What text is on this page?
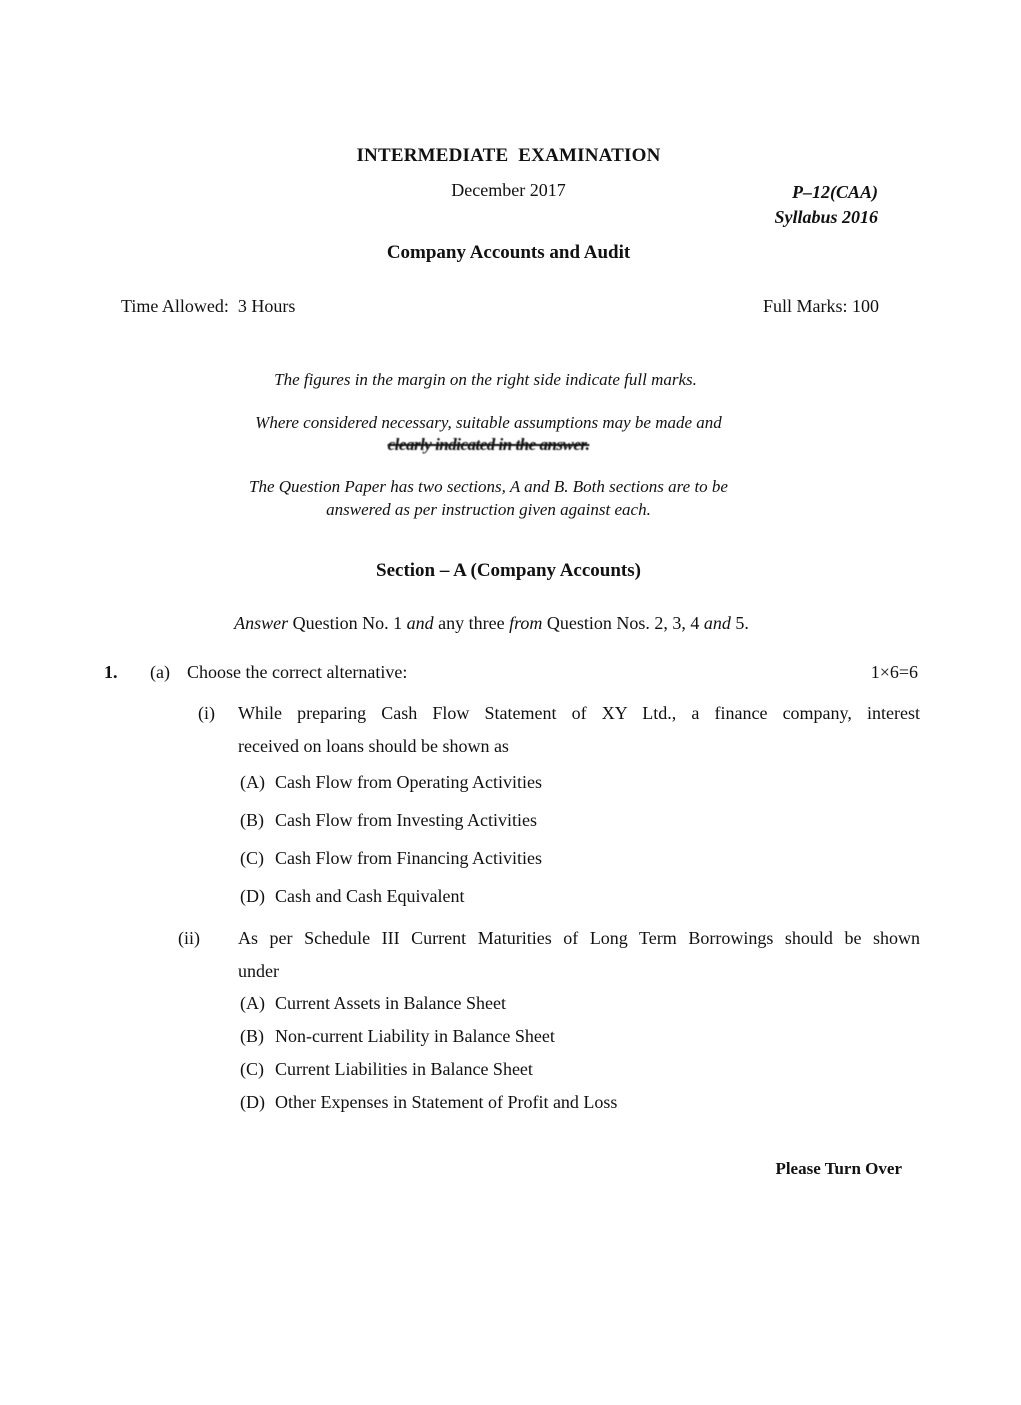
INTERMEDIATE  EXAMINATION
December 2017	P–12(CAA)
Syllabus 2016
Company Accounts and Audit
Time Allowed:  3 Hours	Full Marks: 100
The figures in the margin on the right side indicate full marks.
Where considered necessary, suitable assumptions may be made and
clearly indicated in the answer.
The Question Paper has two sections, A and B. Both sections are to be
answered as per instruction given against each.
Section – A (Company Accounts)
Answer Question No. 1 and any three from Question Nos. 2, 3, 4 and 5.
1. (a) Choose the correct alternative:	1×6=6
(i) While preparing Cash Flow Statement of XY Ltd., a finance company, interest
received on loans should be shown as
(A) Cash Flow from Operating Activities
(B) Cash Flow from Investing Activities
(C) Cash Flow from Financing Activities
(D) Cash and Cash Equivalent
(ii) As per Schedule III Current Maturities of Long Term Borrowings should be shown
under
(A) Current Assets in Balance Sheet
(B) Non-current Liability in Balance Sheet
(C) Current Liabilities in Balance Sheet
(D) Other Expenses in Statement of Profit and Loss
Please Turn Over
